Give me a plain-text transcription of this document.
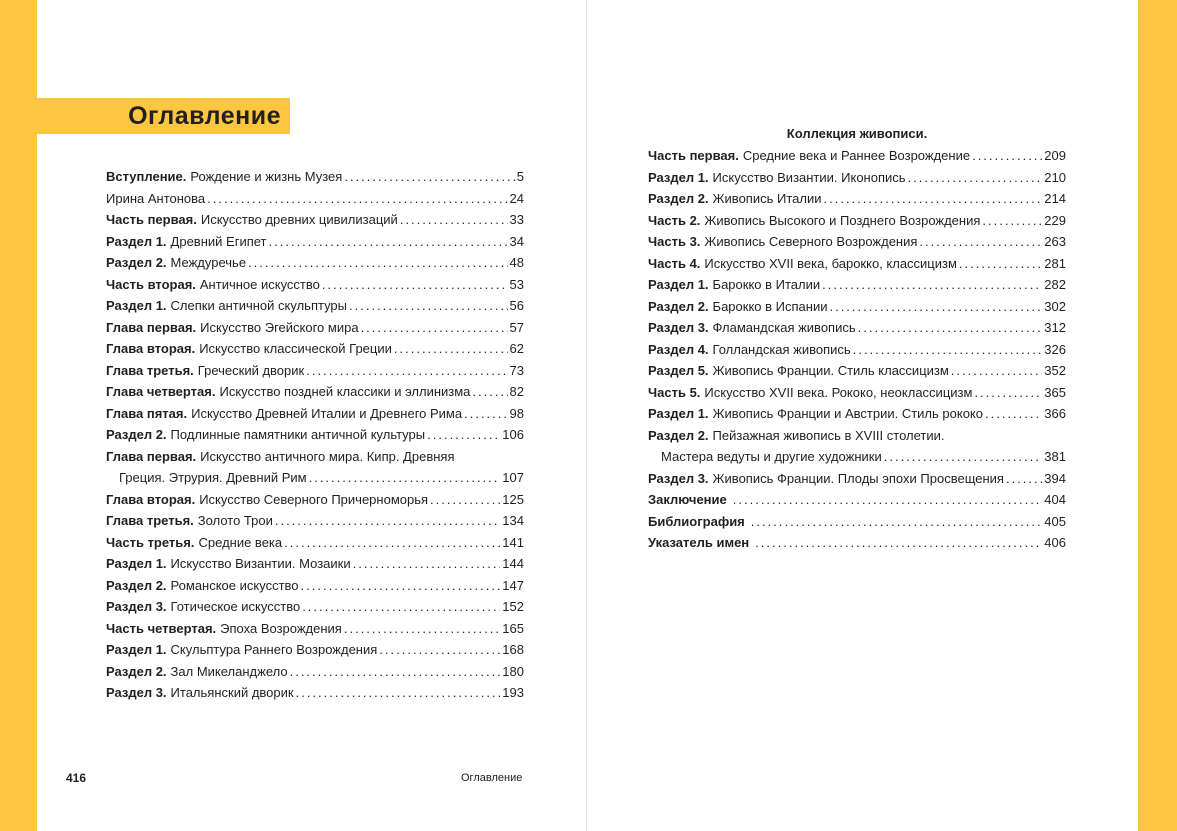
Оглавление
Вступление. Рождение и жизнь Музея .....	5
Ирина Антонова .....	24
Часть первая. Искусство древних цивилизаций .....	33
Раздел 1. Древний Египет .....	34
Раздел 2. Междуречье .....	48
Часть вторая. Античное искусство .....	53
Раздел 1. Слепки античной скульптуры .....	56
Глава первая. Искусство Эгейского мира .....	57
Глава вторая. Искусство классической Греции .....	62
Глава третья. Греческий дворик .....	73
Глава четвертая. Искусство поздней классики и эллинизма .....	82
Глава пятая. Искусство Древней Италии и Древнего Рима .....	98
Раздел 2. Подлинные памятники античной культуры .....	106
Глава первая. Искусство античного мира. Кипр. Древняя
Греция. Этрурия. Древний Рим .....	107
Глава вторая. Искусство Северного Причерноморья .....	125
Глава третья. Золото Трои .....	134
Часть третья. Средние века .....	141
Раздел 1. Искусство Византии. Мозаики .....	144
Раздел 2. Романское искусство .....	147
Раздел 3. Готическое искусство .....	152
Часть четвертая. Эпоха Возрождения .....	165
Раздел 1. Скульптура Раннего Возрождения .....	168
Раздел 2. Зал Микеланджело .....	180
Раздел 3. Итальянский дворик .....	193
Коллекция живописи.
Часть первая. Средние века и Раннее Возрождение .....	209
Раздел 1. Искусство Византии. Иконопись .....	210
Раздел 2. Живопись Италии .....	214
Часть 2. Живопись Высокого и Позднего Возрождения .....	229
Часть 3. Живопись Северного Возрождения .....	263
Часть 4. Искусство XVII века, барокко, классицизм .....	281
Раздел 1. Барокко в Италии .....	282
Раздел 2. Барокко в Испании .....	302
Раздел 3. Фламандская живопись .....	312
Раздел 4. Голландская живопись .....	326
Раздел 5. Живопись Франции. Стиль классицизм .....	352
Часть 5. Искусство XVII века. Рококо, неоклассицизм .....	365
Раздел 1. Живопись Франции и Австрии. Стиль рококо .....	366
Раздел 2. Пейзажная живопись в XVIII столетии.
Мастера ведуты и другие художники .....	381
Раздел 3. Живопись Франции. Плоды эпохи Просвещения .....	394
Заключение .....	404
Библиография .....	405
Указатель имен .....	406
416	Оглавление
